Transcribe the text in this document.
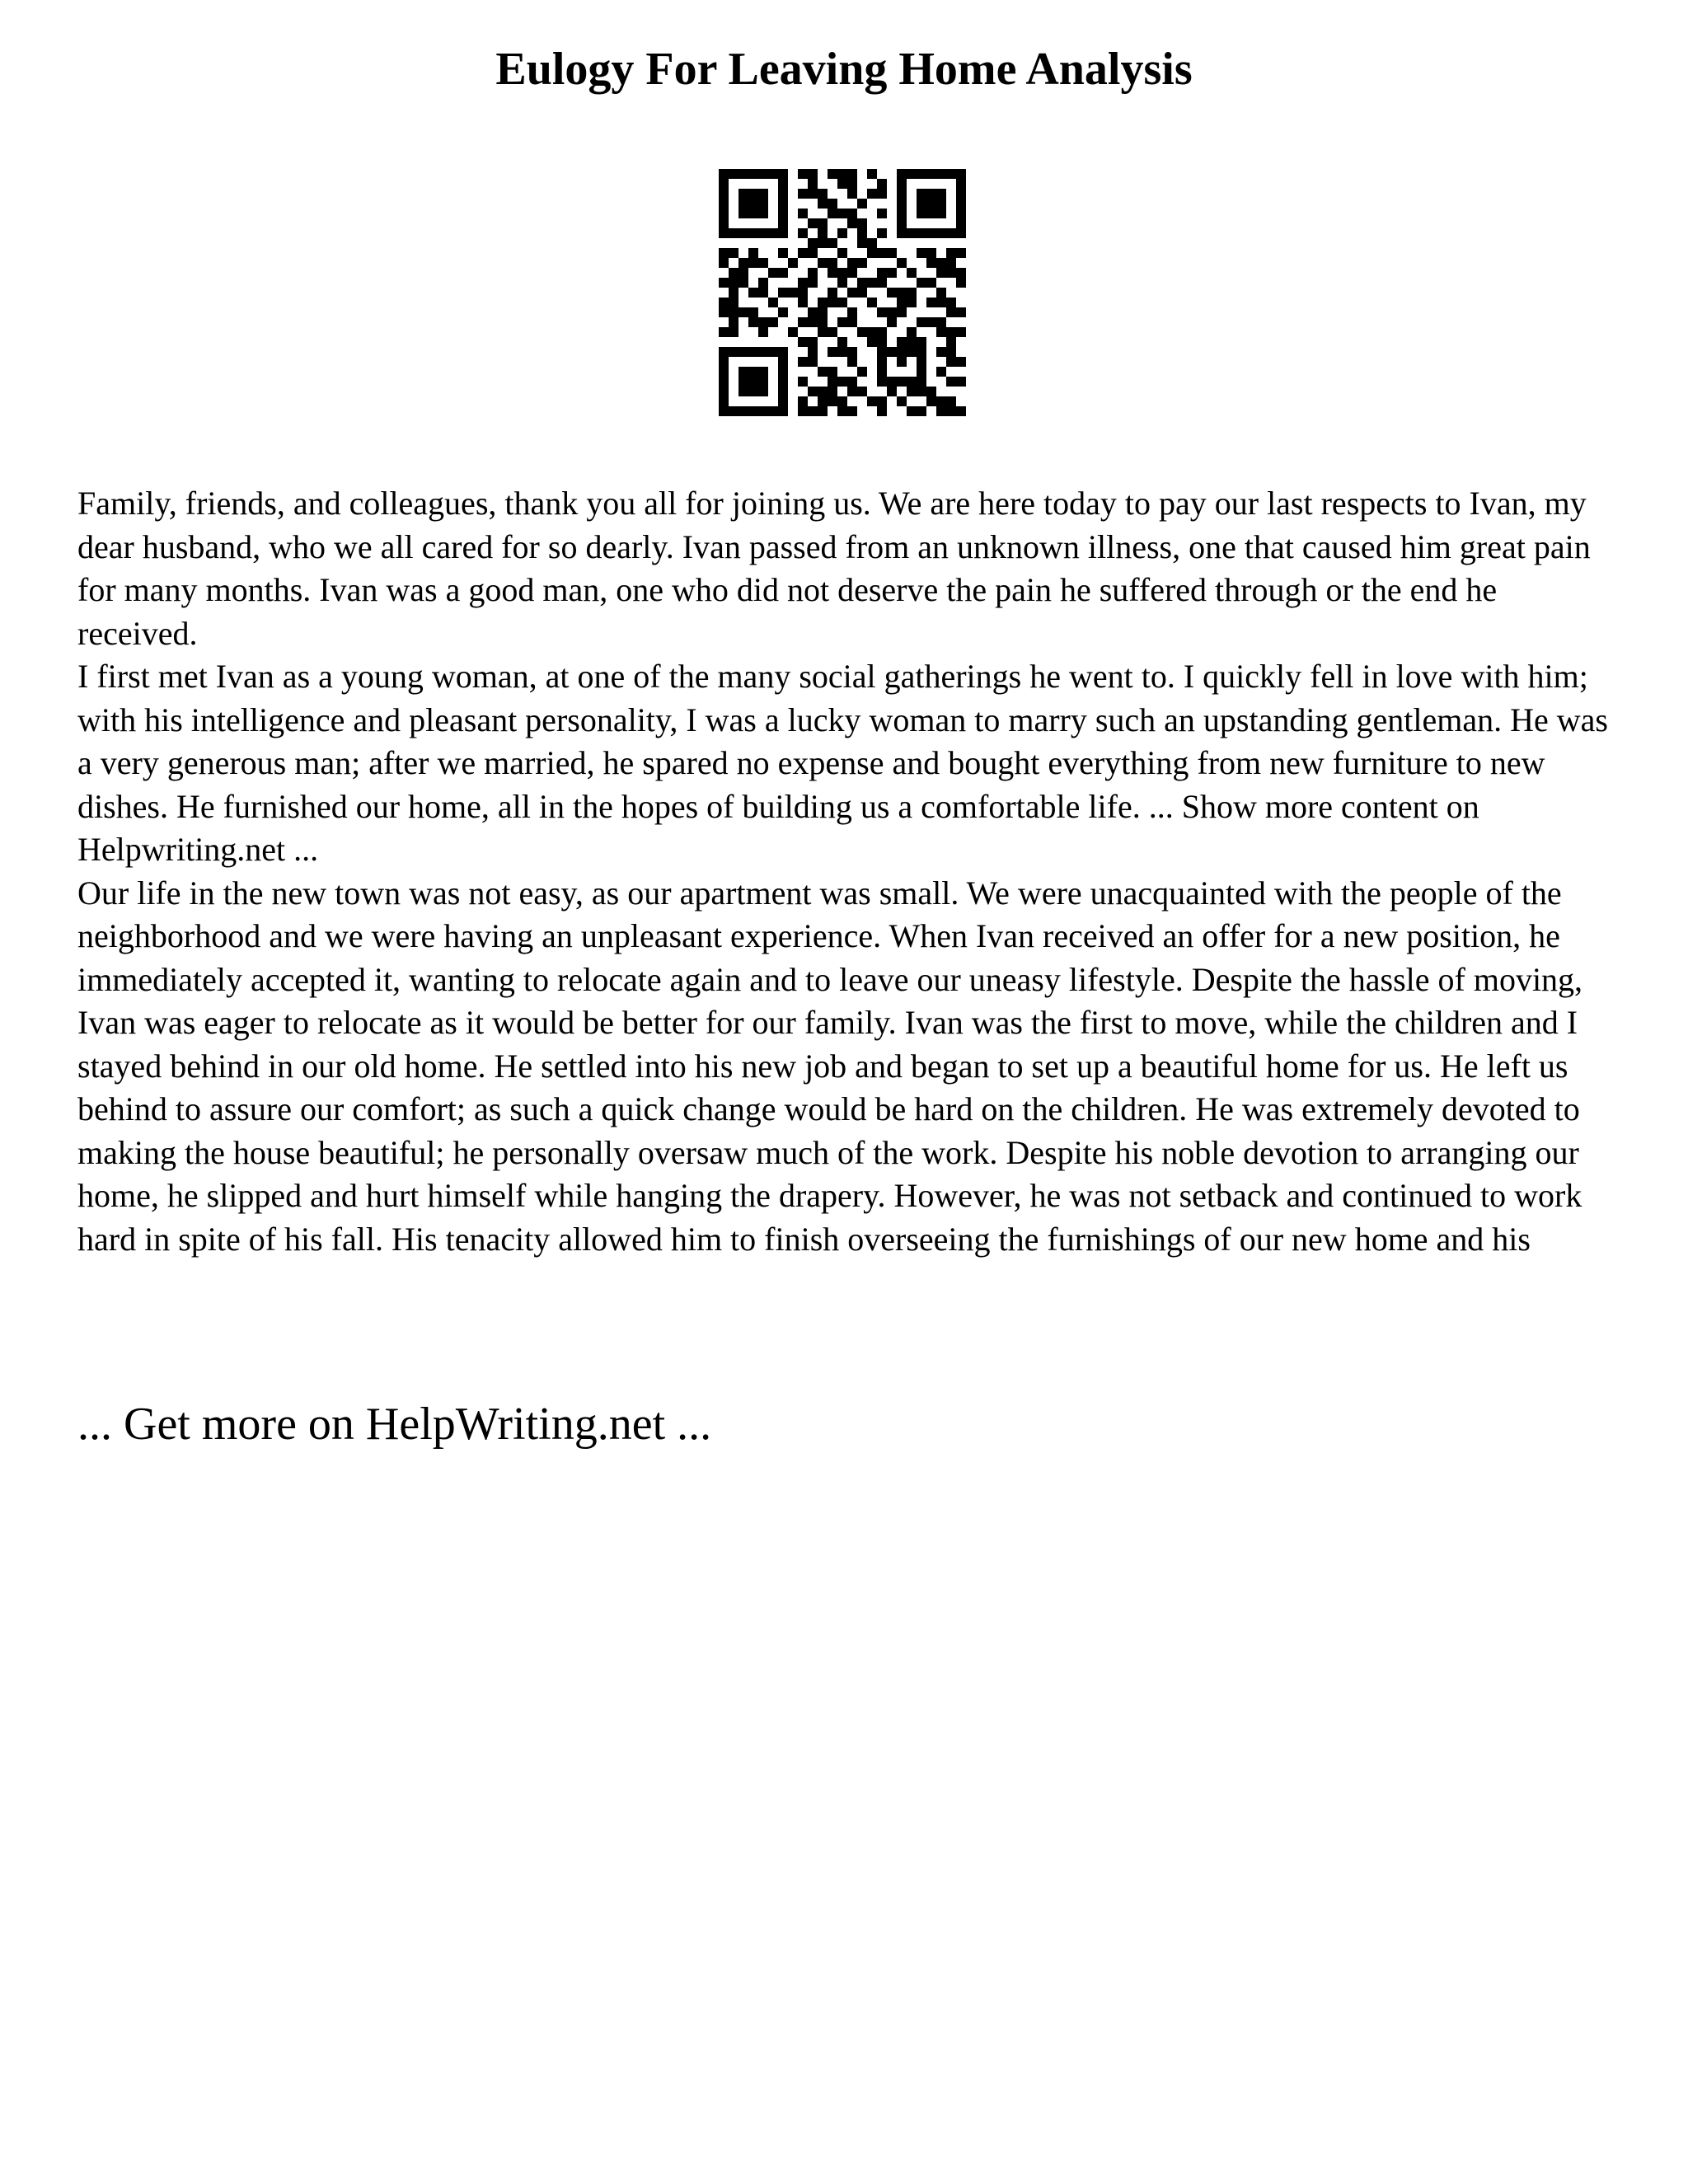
Eulogy For Leaving Home Analysis

Family, friends, and colleagues, thank you all for joining us. We are here today to pay our last respects to Ivan, my dear husband, who we all cared for so dearly. Ivan passed from an unknown illness, one that caused him great pain for many months. Ivan was a good man, one who did not deserve the pain he suffered through or the end he received.

I first met Ivan as a young woman, at one of the many social gatherings he went to. I quickly fell in love with him; with his intelligence and pleasant personality, I was a lucky woman to marry such an upstanding gentleman. He was a very generous man; after we married, he spared no expense and bought everything from new furniture to new dishes. He furnished our home, all in the hopes of building us a comfortable life. ... Show more content on Helpwriting.net ...

Our life in the new town was not easy, as our apartment was small. We were unacquainted with the people of the neighborhood and we were having an unpleasant experience. When Ivan received an offer for a new position, he immediately accepted it, wanting to relocate again and to leave our uneasy lifestyle. Despite the hassle of moving, Ivan was eager to relocate as it would be better for our family. Ivan was the first to move, while the children and I stayed behind in our old home. He settled into his new job and began to set up a beautiful home for us. He left us behind to assure our comfort; as such a quick change would be hard on the children. He was extremely devoted to making the house beautiful; he personally oversaw much of the work. Despite his noble devotion to arranging our home, he slipped and hurt himself while hanging the drapery. However, he was not setback and continued to work hard in spite of his fall. His tenacity allowed him to finish overseeing the furnishings of our new home and his

... Get more on HelpWriting.net ...
